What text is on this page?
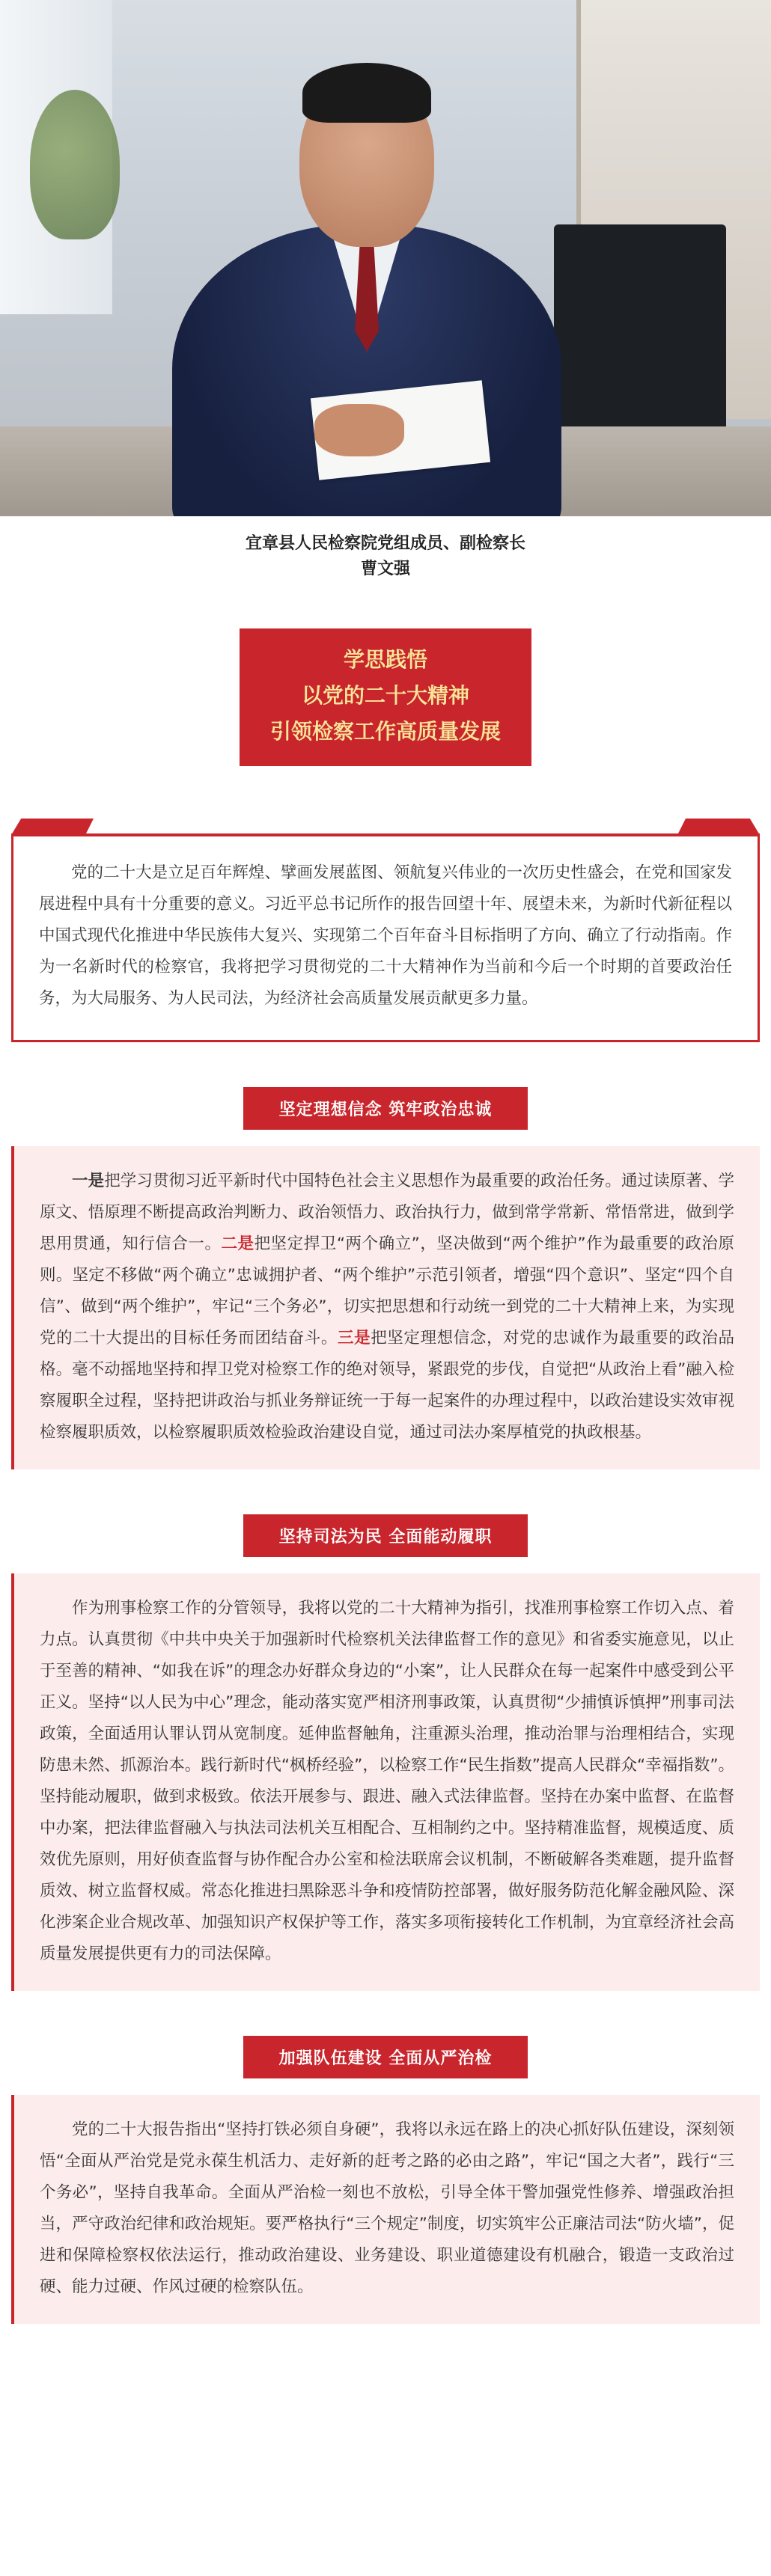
宜章县人民检察院党组成员、副检察长
曹文强
学思践悟
以党的二十大精神
引领检察工作高质量发展

党的二十大是立足百年辉煌、擘画发展蓝图、领航复兴伟业的一次历史性盛会，在党和国家发展进程中具有十分重要的意义。习近平总书记所作的报告回望十年、展望未来，为新时代新征程以中国式现代化推进中华民族伟大复兴、实现第二个百年奋斗目标指明了方向、确立了行动指南。作为一名新时代的检察官，我将把学习贯彻党的二十大精神作为当前和今后一个时期的首要政治任务，为大局服务、为人民司法，为经济社会高质量发展贡献更多力量。

坚定理想信念 筑牢政治忠诚

一是把学习贯彻习近平新时代中国特色社会主义思想作为最重要的政治任务。通过读原著、学原文、悟原理不断提高政治判断力、政治领悟力、政治执行力，做到常学常新、常悟常进，做到学思用贯通，知行信合一。二是把坚定捍卫“两个确立”，坚决做到“两个维护”作为最重要的政治原则。坚定不移做“两个确立”忠诚拥护者、“两个维护”示范引领者，增强“四个意识”、坚定“四个自信”、做到“两个维护”，牢记“三个务必”，切实把思想和行动统一到党的二十大精神上来，为实现党的二十大提出的目标任务而团结奋斗。三是把坚定理想信念，对党的忠诚作为最重要的政治品格。毫不动摇地坚持和捍卫党对检察工作的绝对领导，紧跟党的步伐，自觉把“从政治上看”融入检察履职全过程，坚持把讲政治与抓业务辩证统一于每一起案件的办理过程中，以政治建设实效审视检察履职质效，以检察履职质效检验政治建设自觉，通过司法办案厚植党的执政根基。

坚持司法为民 全面能动履职

作为刑事检察工作的分管领导，我将以党的二十大精神为指引，找准刑事检察工作切入点、着力点。认真贯彻《中共中央关于加强新时代检察机关法律监督工作的意见》和省委实施意见，以止于至善的精神、“如我在诉”的理念办好群众身边的“小案”，让人民群众在每一起案件中感受到公平正义。坚持“以人民为中心”理念，能动落实宽严相济刑事政策，认真贯彻“少捕慎诉慎押”刑事司法政策，全面适用认罪认罚从宽制度。延伸监督触角，注重源头治理，推动治罪与治理相结合，实现防患未然、抓源治本。践行新时代“枫桥经验”，以检察工作“民生指数”提高人民群众“幸福指数”。坚持能动履职，做到求极致。依法开展参与、跟进、融入式法律监督。坚持在办案中监督、在监督中办案，把法律监督融入与执法司法机关互相配合、互相制约之中。坚持精准监督，规模适度、质效优先原则，用好侦查监督与协作配合办公室和检法联席会议机制，不断破解各类难题，提升监督质效、树立监督权威。常态化推进扫黑除恶斗争和疫情防控部署，做好服务防范化解金融风险、深化涉案企业合规改革、加强知识产权保护等工作，落实多项衔接转化工作机制，为宜章经济社会高质量发展提供更有力的司法保障。

加强队伍建设 全面从严治检

党的二十大报告指出“坚持打铁必须自身硬”，我将以永远在路上的决心抓好队伍建设，深刻领悟“全面从严治党是党永葆生机活力、走好新的赶考之路的必由之路”，牢记“国之大者”，践行“三个务必”，坚持自我革命。全面从严治检一刻也不放松，引导全体干警加强党性修养、增强政治担当，严守政治纪律和政治规矩。要严格执行“三个规定”制度，切实筑牢公正廉洁司法“防火墙”，促进和保障检察权依法运行，推动政治建设、业务建设、职业道德建设有机融合，锻造一支政治过硬、能力过硬、作风过硬的检察队伍。
